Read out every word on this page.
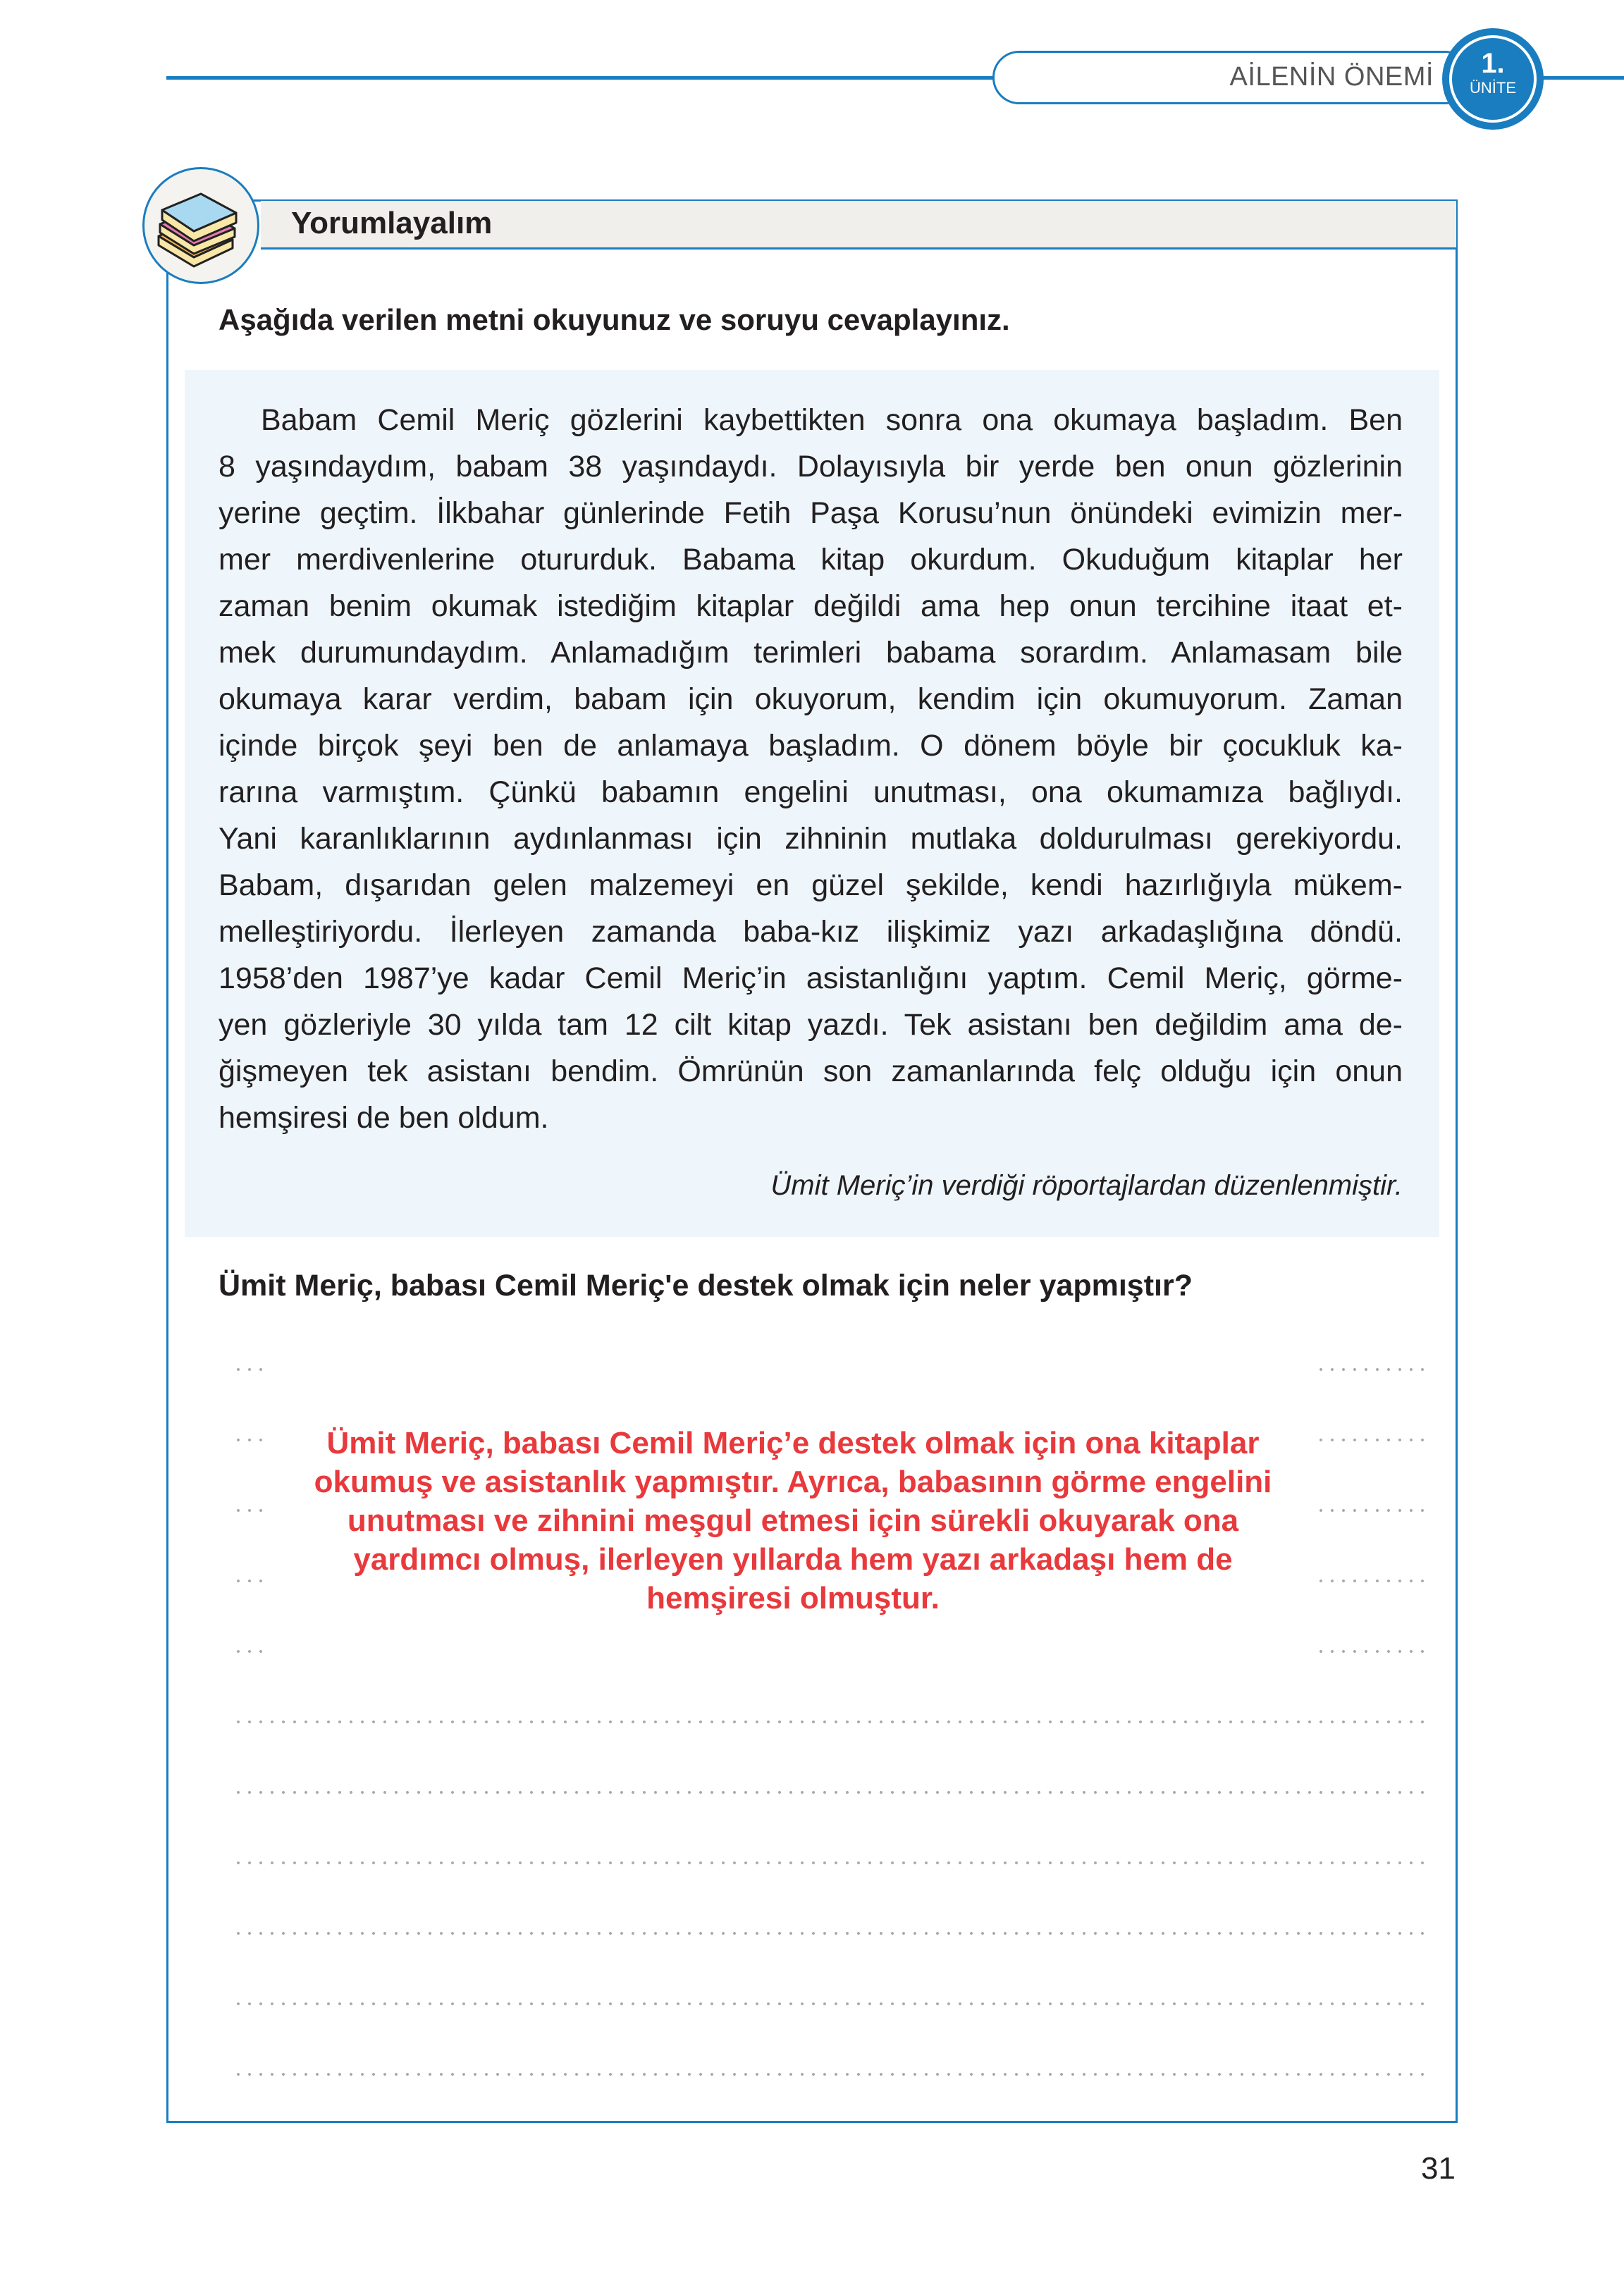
AİLENİN ÖNEMİ	1.
ÜNİTE
Yorumlayalım
Aşağıda verilen metni okuyunuz ve soruyu cevaplayınız.
Babam Cemil Meriç gözlerini kaybettikten sonra ona okumaya başladım. Ben
8 yaşındaydım, babam 38 yaşındaydı. Dolayısıyla bir yerde ben onun gözlerinin
yerine geçtim. İlkbahar günlerinde Fetih Paşa Korusu’nun önündeki evimizin mer-
mer merdivenlerine otururduk. Babama kitap okurdum. Okuduğum kitaplar her
zaman benim okumak istediğim kitaplar değildi ama hep onun tercihine itaat et-
mek durumundaydım. Anlamadığım terimleri babama sorardım. Anlamasam bile
okumaya karar verdim, babam için okuyorum, kendim için okumuyorum. Zaman
içinde birçok şeyi ben de anlamaya başladım. O dönem böyle bir çocukluk ka-
rarına varmıştım. Çünkü babamın engelini unutması, ona okumamıza bağlıydı.
Yani karanlıklarının aydınlanması için zihninin mutlaka doldurulması gerekiyordu.
Babam, dışarıdan gelen malzemeyi en güzel şekilde, kendi hazırlığıyla mükem-
melleştiriyordu. İlerleyen zamanda baba-kız ilişkimiz yazı arkadaşlığına döndü.
1958’den 1987’ye kadar Cemil Meriç’in asistanlığını yaptım. Cemil Meriç, görme-
yen gözleriyle 30 yılda tam 12 cilt kitap yazdı. Tek asistanı ben değildim ama de-
ğişmeyen tek asistanı bendim. Ömrünün son zamanlarında felç olduğu için onun
hemşiresi de ben oldum.
Ümit Meriç’in verdiği röportajlardan düzenlenmiştir.
Ümit Meriç, babası Cemil Meriç'e destek olmak için neler yapmıştır?
Ümit Meriç, babası Cemil Meriç’e destek olmak için ona kitaplar
okumuş ve asistanlık yapmıştır. Ayrıca, babasının görme engelini
unutması ve zihnini meşgul etmesi için sürekli okuyarak ona
yardımcı olmuş, ilerleyen yıllarda hem yazı arkadaşı hem de
hemşiresi olmuştur.
31
